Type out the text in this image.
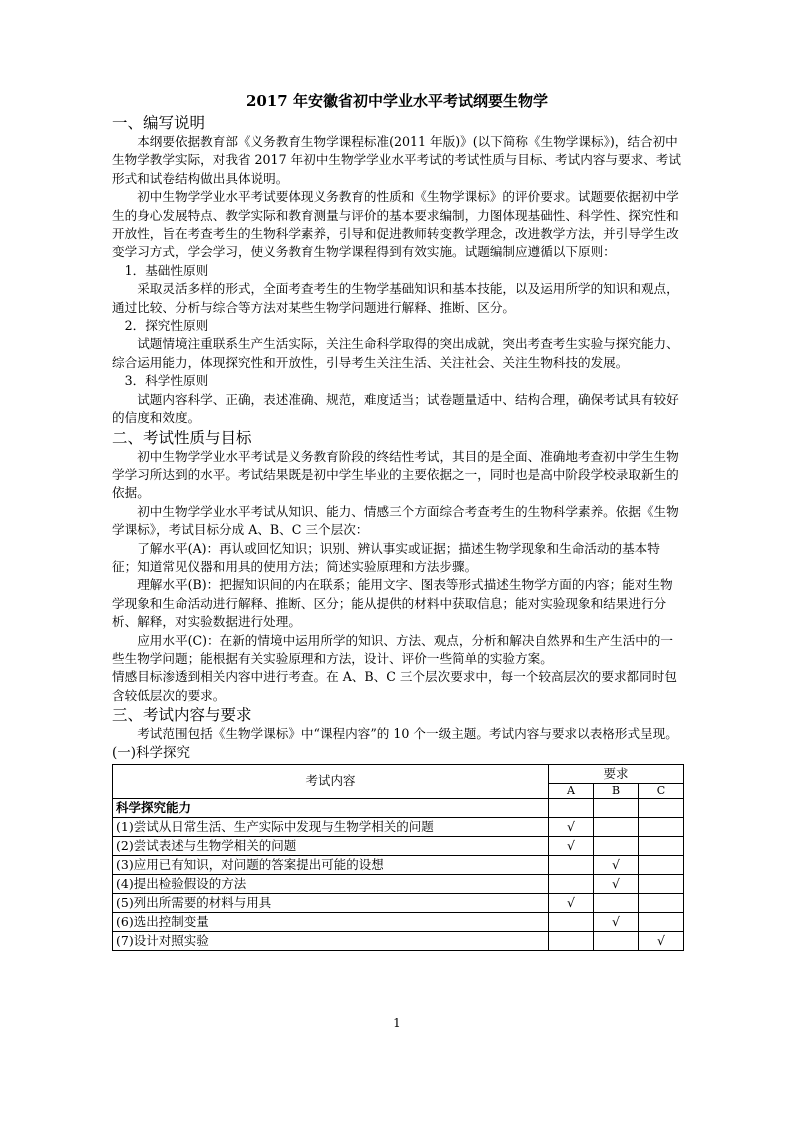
2017 年安徽省初中学业水平考试纲要生物学

一、编写说明

本纲要依据教育部《义务教育生物学课程标准(2011 年版)》(以下简称《生物学课标》)，结合初中生物学教学实际，对我省 2017 年初中生物学学业水平考试的考试性质与目标、考试内容与要求、考试形式和试卷结构做出具体说明。

初中生物学学业水平考试要体现义务教育的性质和《生物学课标》的评价要求。试题要依据初中学生的身心发展特点、教学实际和教育测量与评价的基本要求编制，力图体现基础性、科学性、探究性和开放性，旨在考查考生的生物科学素养，引导和促进教师转变教学理念，改进教学方法，并引导学生改变学习方式，学会学习，使义务教育生物学课程得到有效实施。试题编制应遵循以下原则：

1．基础性原则

采取灵活多样的形式，全面考查考生的生物学基础知识和基本技能，以及运用所学的知识和观点，通过比较、分析与综合等方法对某些生物学问题进行解释、推断、区分。

2．探究性原则

试题情境注重联系生产生活实际，关注生命科学取得的突出成就，突出考查考生实验与探究能力、综合运用能力，体现探究性和开放性，引导考生关注生活、关注社会、关注生物科技的发展。

3．科学性原则

试题内容科学、正确，表述准确、规范，难度适当；试卷题量适中、结构合理，确保考试具有较好的信度和效度。

二、考试性质与目标

初中生物学学业水平考试是义务教育阶段的终结性考试，其目的是全面、准确地考查初中学生生物学学习所达到的水平。考试结果既是初中学生毕业的主要依据之一，同时也是高中阶段学校录取新生的依据。

初中生物学学业水平考试从知识、能力、情感三个方面综合考查考生的生物科学素养。依据《生物学课标》，考试目标分成 A、B、C 三个层次：

了解水平(A)：再认或回忆知识；识别、辨认事实或证据；描述生物学现象和生命活动的基本特征；知道常见仪器和用具的使用方法；简述实验原理和方法步骤。

理解水平(B)：把握知识间的内在联系；能用文字、图表等形式描述生物学方面的内容；能对生物学现象和生命活动进行解释、推断、区分；能从提供的材料中获取信息；能对实验现象和结果进行分析、解释，对实验数据进行处理。

应用水平(C)：在新的情境中运用所学的知识、方法、观点，分析和解决自然界和生产生活中的一些生物学问题；能根据有关实验原理和方法，设计、评价一些简单的实验方案。

情感目标渗透到相关内容中进行考查。在 A、B、C 三个层次要求中，每一个较高层次的要求都同时包含较低层次的要求。

三、考试内容与要求

考试范围包括《生物学课标》中“课程内容”的 10 个一级主题。考试内容与要求以表格形式呈现。

(一)科学探究

考试内容	要求		
	A	B	C
科学探究能力			
(1)尝试从日常生活、生产实际中发现与生物学相关的问题	√		
(2)尝试表述与生物学相关的问题	√		
(3)应用已有知识，对问题的答案提出可能的设想		√	
(4)提出检验假设的方法		√	
(5)列出所需要的材料与用具	√		
(6)选出控制变量		√	
(7)设计对照实验			√
1
